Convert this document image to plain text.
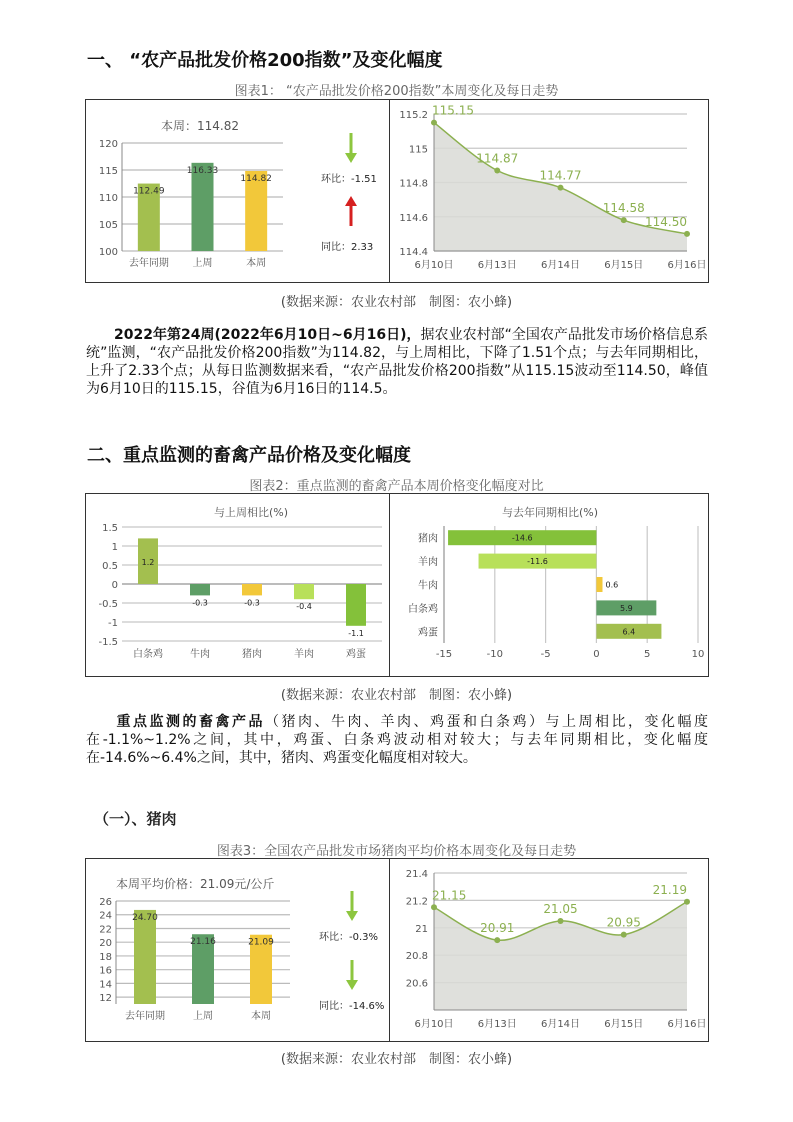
一、 “农产品批发价格200指数”及变化幅度
图表1： “农产品批发价格200指数”本周变化及每日走势
本周：114.82
100
105
110
115
120
112.49
去年同期
116.33
上周
114.82
本周
环比：-1.51
同比：2.33	114.4
114.6
114.8
115
115.2 115.15
6月10日
114.87
6月13日
114.77
6月14日
114.58
6月15日
114.50
6月16日
(数据来源：农业农村部　制图：农小蜂)
2022年第24周(2022年6月10日~6月16日)，据农业农村部“全国农产品批发市场价格信息系统”监测，“农产品批发价格200指数”为114.82，与上周相比，下降了1.51个点；与去年同期相比，上升了2.33个点；从每日监测数据来看，“农产品批发价格200指数”从115.15波动至114.50，峰值为6月10日的115.15，谷值为6月16日的114.5。
二、重点监测的畜禽产品价格及变化幅度
图表2：重点监测的畜禽产品本周价格变化幅度对比
与上周相比(%)
-1.5
-1
-0.5
0
0.5
1
1.5
1.2
白条鸡
-0.3
牛肉
-0.3
猪肉
-0.4
羊肉
-1.1
鸡蛋
与去年同期相比(%)
-15	-10	-5	0	5	10
-14.6
猪肉
-11.6
羊肉
0.6
牛肉
5.9
白条鸡
6.4
鸡蛋
(数据来源：农业农村部　制图：农小蜂)
重点监测的畜禽产品（猪肉、牛肉、羊肉、鸡蛋和白条鸡）与上周相比，变化幅度在-1.1%~1.2%之间，其中，鸡蛋、白条鸡波动相对较大；与去年同期相比，变化幅度在-14.6%~6.4%之间，其中，猪肉、鸡蛋变化幅度相对较大。
（一）、猪肉
图表3：全国农产品批发市场猪肉平均价格本周变化及每日走势
本周平均价格：21.09元/公斤
12
14
16
18
20
22
24
26
24.70
去年同期
21.16
上周
21.09
本周
环比：-0.3%
同比：-14.6%
20.6
20.8
21
21.2
21.4
21.15
6月10日
20.91
6月13日
21.05
6月14日
20.95
6月15日
21.19
6月16日
(数据来源：农业农村部　制图：农小蜂)
